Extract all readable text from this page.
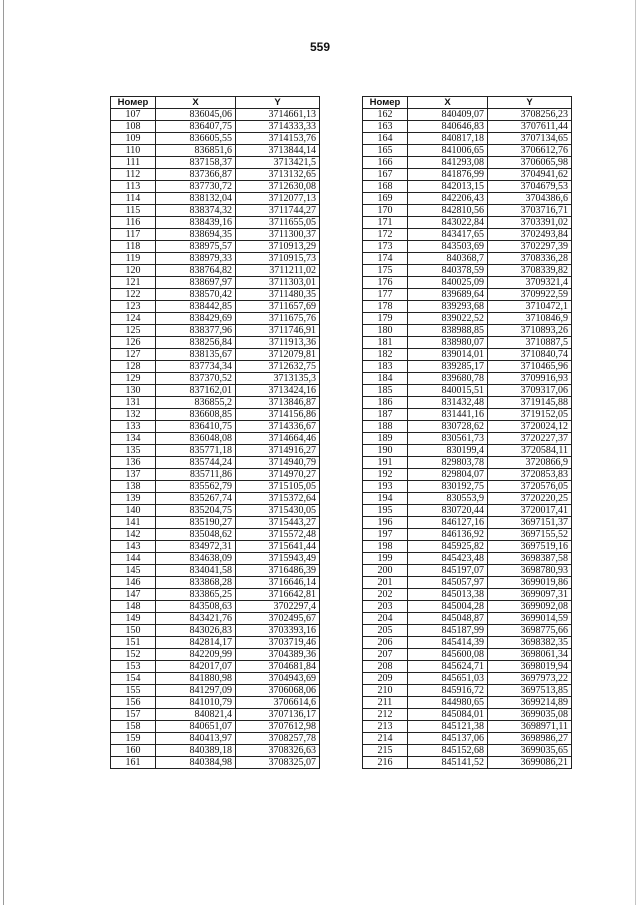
559
Номер	X	Y
107	836045,06	3714661,13
108	836407,75	3714333,33
109	836605,55	3714153,76
110	836851,6	3713844,14
111	837158,37	3713421,5
112	837366,87	3713132,65
113	837730,72	3712630,08
114	838132,04	3712077,13
115	838374,32	3711744,27
116	838439,16	3711655,05
117	838694,35	3711300,37
118	838975,57	3710913,29
119	838979,33	3710915,73
120	838764,82	3711211,02
121	838697,97	3711303,01
122	838570,42	3711480,35
123	838442,85	3711657,69
124	838429,69	3711675,76
125	838377,96	3711746,91
126	838256,84	3711913,36
127	838135,67	3712079,81
128	837734,34	3712632,75
129	837370,52	3713135,3
130	837162,01	3713424,16
131	836855,2	3713846,87
132	836608,85	3714156,86
133	836410,75	3714336,67
134	836048,08	3714664,46
135	835771,18	3714916,27
136	835744,24	3714940,79
137	835711,86	3714970,27
138	835562,79	3715105,05
139	835267,74	3715372,64
140	835204,75	3715430,05
141	835190,27	3715443,27
142	835048,62	3715572,48
143	834972,31	3715641,44
144	834638,09	3715943,49
145	834041,58	3716486,39
146	833868,28	3716646,14
147	833865,25	3716642,81
148	843508,63	3702297,4
149	843421,76	3702495,67
150	843026,83	3703393,16
151	842814,17	3703719,46
152	842209,99	3704389,36
153	842017,07	3704681,84
154	841880,98	3704943,69
155	841297,09	3706068,06
156	841010,79	3706614,6
157	840821,4	3707136,17
158	840651,07	3707612,98
159	840413,97	3708257,78
160	840389,18	3708326,63
161	840384,98	3708325,07
Номер	X	Y
162	840409,07	3708256,23
163	840646,83	3707611,44
164	840817,18	3707134,65
165	841006,65	3706612,76
166	841293,08	3706065,98
167	841876,99	3704941,62
168	842013,15	3704679,53
169	842206,43	3704386,6
170	842810,56	3703716,71
171	843022,84	3703391,02
172	843417,65	3702493,84
173	843503,69	3702297,39
174	840368,7	3708336,28
175	840378,59	3708339,82
176	840025,09	3709321,4
177	839689,64	3709922,59
178	839293,68	3710472,1
179	839022,52	3710846,9
180	838988,85	3710893,26
181	838980,07	3710887,5
182	839014,01	3710840,74
183	839285,17	3710465,96
184	839680,78	3709916,93
185	840015,51	3709317,06
186	831432,48	3719145,88
187	831441,16	3719152,05
188	830728,62	3720024,12
189	830561,73	3720227,37
190	830199,4	3720584,11
191	829803,78	3720866,9
192	829804,07	3720853,83
193	830192,75	3720576,05
194	830553,9	3720220,25
195	830720,44	3720017,41
196	846127,16	3697151,37
197	846136,92	3697155,52
198	845925,82	3697519,16
199	845423,48	3698387,58
200	845197,07	3698780,93
201	845057,97	3699019,86
202	845013,38	3699097,31
203	845004,28	3699092,08
204	845048,87	3699014,59
205	845187,99	3698775,66
206	845414,39	3698382,35
207	845600,08	3698061,34
208	845624,71	3698019,94
209	845651,03	3697973,22
210	845916,72	3697513,85
211	844980,65	3699214,89
212	845084,01	3699035,08
213	845121,38	3698971,11
214	845137,06	3698986,27
215	845152,68	3699035,65
216	845141,52	3699086,21
